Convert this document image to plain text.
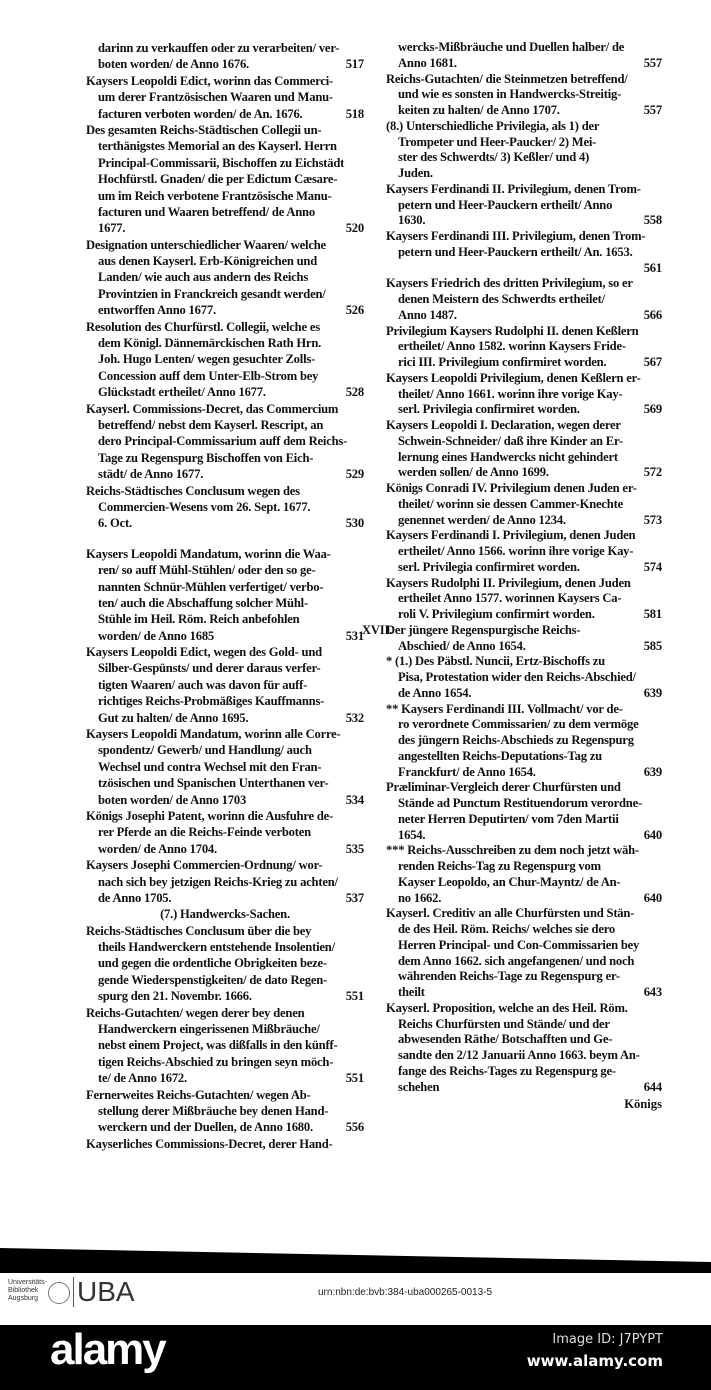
darinn zu verkauffen oder zu verarbeiten/ ver-
boten worden/ de Anno 1676.	517
Kaysers Leopoldi Edict, worinn das Commerci-
um derer Frantzösischen Waaren und Manu-
facturen verboten worden/ de An. 1676.	518
Des gesamten Reichs-Städtischen Collegii un-
terthänigstes Memorial an des Kayserl. Herrn
Principal-Commissarii, Bischoffen zu Eichstädt
Hochfürstl. Gnaden/ die per Edictum Cæsare-
um im Reich verbotene Frantzösische Manu-
facturen und Waaren betreffend/ de Anno
1677.	520
Designation unterschiedlicher Waaren/ welche
aus denen Kayserl. Erb-Königreichen und
Landen/ wie auch aus andern des Reichs
Provintzien in Franckreich gesandt werden/
entworffen Anno 1677.	526
Resolution des Churfürstl. Collegii, welche es
dem Königl. Dännemärckischen Rath Hrn.
Joh. Hugo Lenten/ wegen gesuchter Zolls-
Concession auff dem Unter-Elb-Strom bey
Glückstadt ertheilet/ Anno 1677.	528
Kayserl. Commissions-Decret, das Commercium
betreffend/ nebst dem Kayserl. Rescript, an
dero Principal-Commissarium auff dem Reichs-
Tage zu Regenspurg Bischoffen von Eich-
städt/ de Anno 1677.	529
Reichs-Städtisches Conclusum wegen des
Commercien-Wesens vom 26. Sept. 1677.
6. Oct.	530
Kaysers Leopoldi Mandatum, worinn die Waa-
ren/ so auff Mühl-Stühlen/ oder den so ge-
nannten Schnür-Mühlen verfertiget/ verbo-
ten/ auch die Abschaffung solcher Mühl-
Stühle im Heil. Röm. Reich anbefohlen
worden/ de Anno 1685	531
Kaysers Leopoldi Edict, wegen des Gold- und
Silber-Gespünsts/ und derer daraus verfer-
tigten Waaren/ auch was davon für auff-
richtiges Reichs-Probmäßiges Kauffmanns-
Gut zu halten/ de Anno 1695.	532
Kaysers Leopoldi Mandatum, worinn alle Corre-
spondentz/ Gewerb/ und Handlung/ auch
Wechsel und contra Wechsel mit den Fran-
tzösischen und Spanischen Unterthanen ver-
boten worden/ de Anno 1703	534
Königs Josephi Patent, worinn die Ausfuhre de-
rer Pferde an die Reichs-Feinde verboten
worden/ de Anno 1704.	535
Kaysers Josephi Commercien-Ordnung/ wor-
nach sich bey jetzigen Reichs-Krieg zu achten/
de Anno 1705.	537
(7.) Handwercks-Sachen.
Reichs-Städtisches Conclusum über die bey
theils Handwerckern entstehende Insolentien/
und gegen die ordentliche Obrigkeiten beze-
gende Wiederspenstigkeiten/ de dato Regen-
spurg den 21. Novembr. 1666.	551
Reichs-Gutachten/ wegen derer bey denen
Handwerckern eingerissenen Mißbräuche/
nebst einem Project, was dißfalls in den künff-
tigen Reichs-Abschied zu bringen seyn möch-
te/ de Anno 1672.	551
Fernerweites Reichs-Gutachten/ wegen Ab-
stellung derer Mißbräuche bey denen Hand-
werckern und der Duellen, de Anno 1680.	556
Kayserliches Commissions-Decret, derer Hand-
wercks-Mißbräuche und Duellen halber/ de
Anno 1681.	557
Reichs-Gutachten/ die Steinmetzen betreffend/
und wie es sonsten in Handwercks-Streitig-
keiten zu halten/ de Anno 1707.	557
(8.) Unterschiedliche Privilegia, als 1) der
Trompeter und Heer-Paucker/ 2) Mei-
ster des Schwerdts/ 3) Keßler/ und 4)
Juden.
Kaysers Ferdinandi II. Privilegium, denen Trom-
petern und Heer-Pauckern ertheilt/ Anno
1630.	558
Kaysers Ferdinandi III. Privilegium, denen Trom-
petern und Heer-Pauckern ertheilt/ An. 1653.
561
Kaysers Friedrich des dritten Privilegium, so er
denen Meistern des Schwerdts ertheilet/
Anno 1487.	566
Privilegium Kaysers Rudolphi II. denen Keßlern
ertheilet/ Anno 1582. worinn Kaysers Fride-
rici III. Privilegium confirmiret worden.	567
Kaysers Leopoldi Privilegium, denen Keßlern er-
theilet/ Anno 1661. worinn ihre vorige Kay-
serl. Privilegia confirmiret worden.	569
Kaysers Leopoldi I. Declaration, wegen derer
Schwein-Schneider/ daß ihre Kinder an Er-
lernung eines Handwercks nicht gehindert
werden sollen/ de Anno 1699.	572
Königs Conradi IV. Privilegium denen Juden er-
theilet/ worinn sie dessen Cammer-Knechte
genennet werden/ de Anno 1234.	573
Kaysers Ferdinandi I. Privilegium, denen Juden
ertheilet/ Anno 1566. worinn ihre vorige Kay-
serl. Privilegia confirmiret worden.	574
Kaysers Rudolphi II. Privilegium, denen Juden
ertheilet Anno 1577. worinnen Kaysers Ca-
roli V. Privilegium confirmirt worden.	581
Der jüngere Regenspurgische Reichs-
XVII.
Abschied/ de Anno 1654.	585
* (1.) Des Päbstl. Nuncii, Ertz-Bischoffs zu
Pisa, Protestation wider den Reichs-Abschied/
de Anno 1654.	639
** Kaysers Ferdinandi III. Vollmacht/ vor de-
ro verordnete Commissarien/ zu dem vermöge
des jüngern Reichs-Abschieds zu Regenspurg
angestellten Reichs-Deputations-Tag zu
Franckfurt/ de Anno 1654.	639
Præliminar-Vergleich derer Churfürsten und
Stände ad Punctum Restituendorum verordne-
neter Herren Deputirten/ vom 7den Martii
1654.	640
*** Reichs-Ausschreiben zu dem noch jetzt wäh-
renden Reichs-Tag zu Regenspurg vom
Kayser Leopoldo, an Chur-Mayntz/ de An-
no 1662.	640
Kayserl. Creditiv an alle Churfürsten und Stän-
de des Heil. Röm. Reichs/ welches sie dero
Herren Principal- und Con-Commissarien bey
dem Anno 1662. sich angefangenen/ und noch
währenden Reichs-Tage zu Regenspurg er-
theilt	643
Kayserl. Proposition, welche an des Heil. Röm.
Reichs Churfürsten und Stände/ und der
abwesenden Räthe/ Botschafften und Ge-
sandte den 2/12 Januarii Anno 1663. beym An-
fange des Reichs-Tages zu Regenspurg ge-
schehen	644
Königs
Universitäts-
Bibliothek
Augsburg	UBA	urn:nbn:de:bvb:384-uba000265-0013-5
alamy	Image ID: J7PYPT
www.alamy.com
